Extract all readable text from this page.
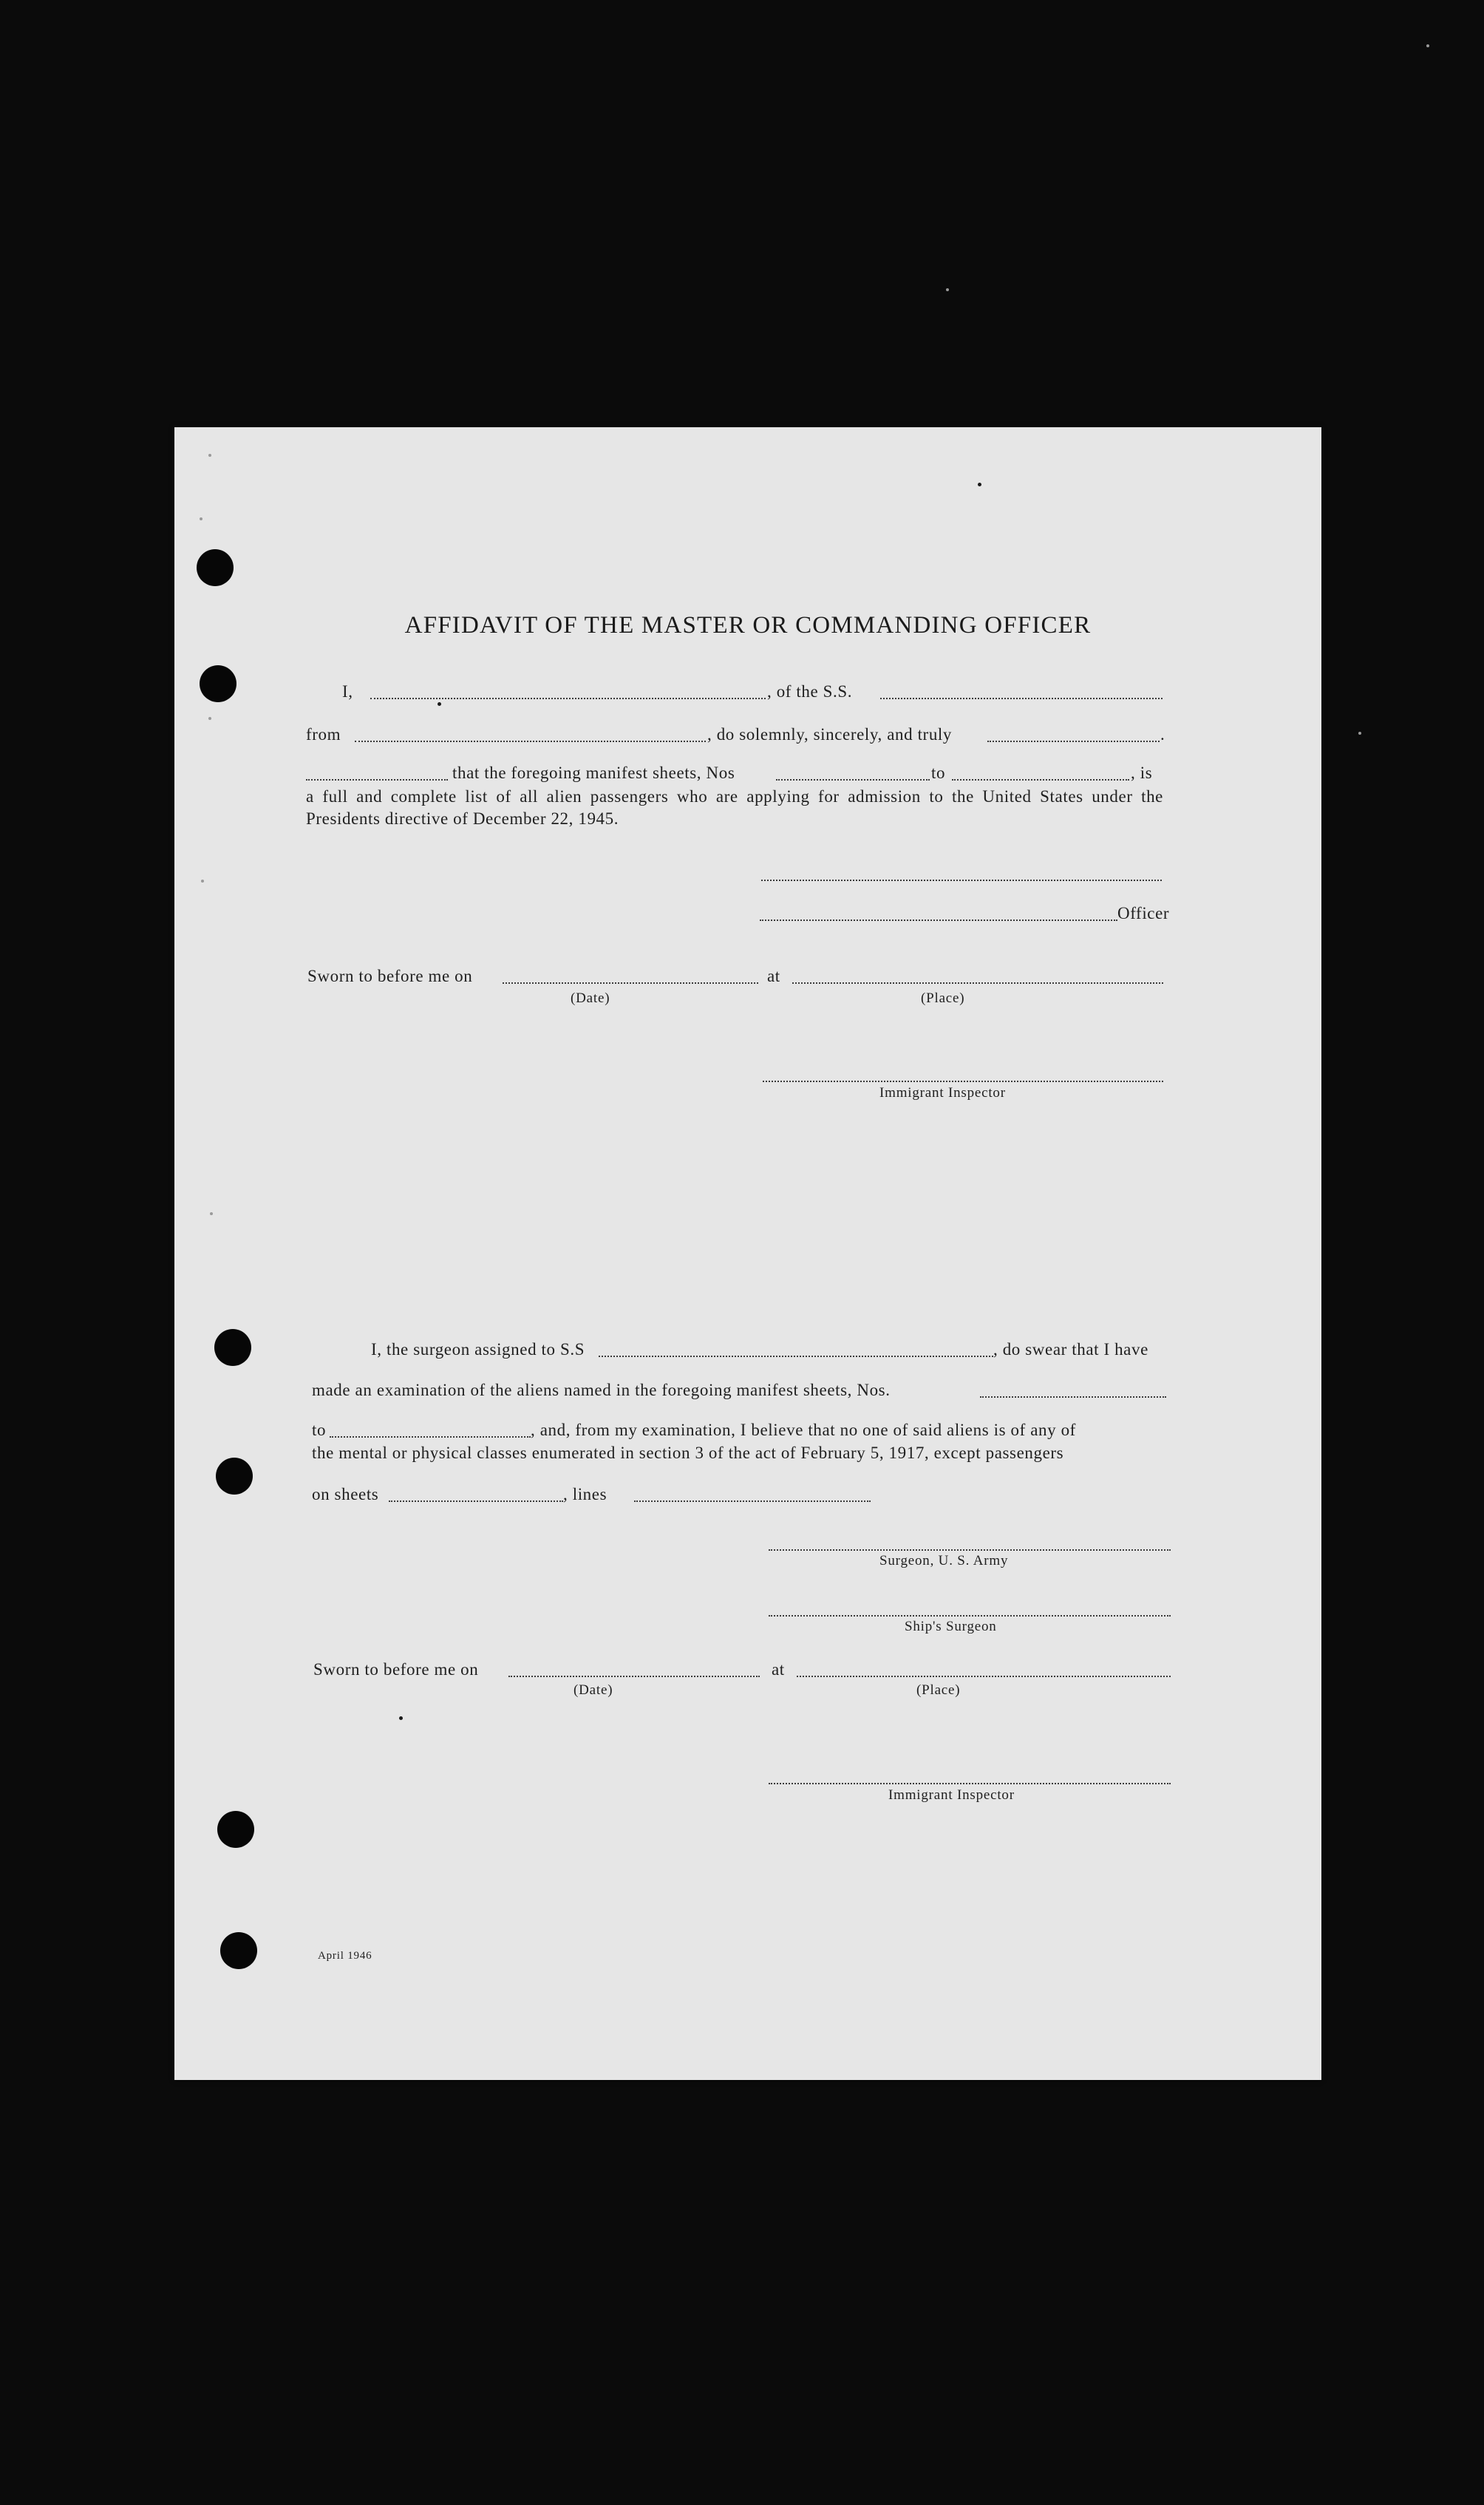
AFFIDAVIT OF THE MASTER OR COMMANDING OFFICER
I,	, of the S.S.
from	, do solemnly, sincerely, and truly	.
that the foregoing manifest sheets, Nos	to	, is
a full and complete list of all alien passengers who are applying for admission to the United States under the Presidents directive of December 22, 1945.
Officer
Sworn to before me on	at
(Date)	(Place)
Immigrant Inspector
I, the surgeon assigned to S.S	, do swear that I have
made an examination of the aliens named in the foregoing manifest sheets, Nos.
to	, and, from my examination, I believe that no one of said aliens is of any of
the mental or physical classes enumerated in section 3 of the act of February 5, 1917, except passengers
on sheets	, lines
Surgeon, U. S. Army
Ship's Surgeon
Sworn to before me on	at
(Date)	(Place)
Immigrant Inspector
April 1946
